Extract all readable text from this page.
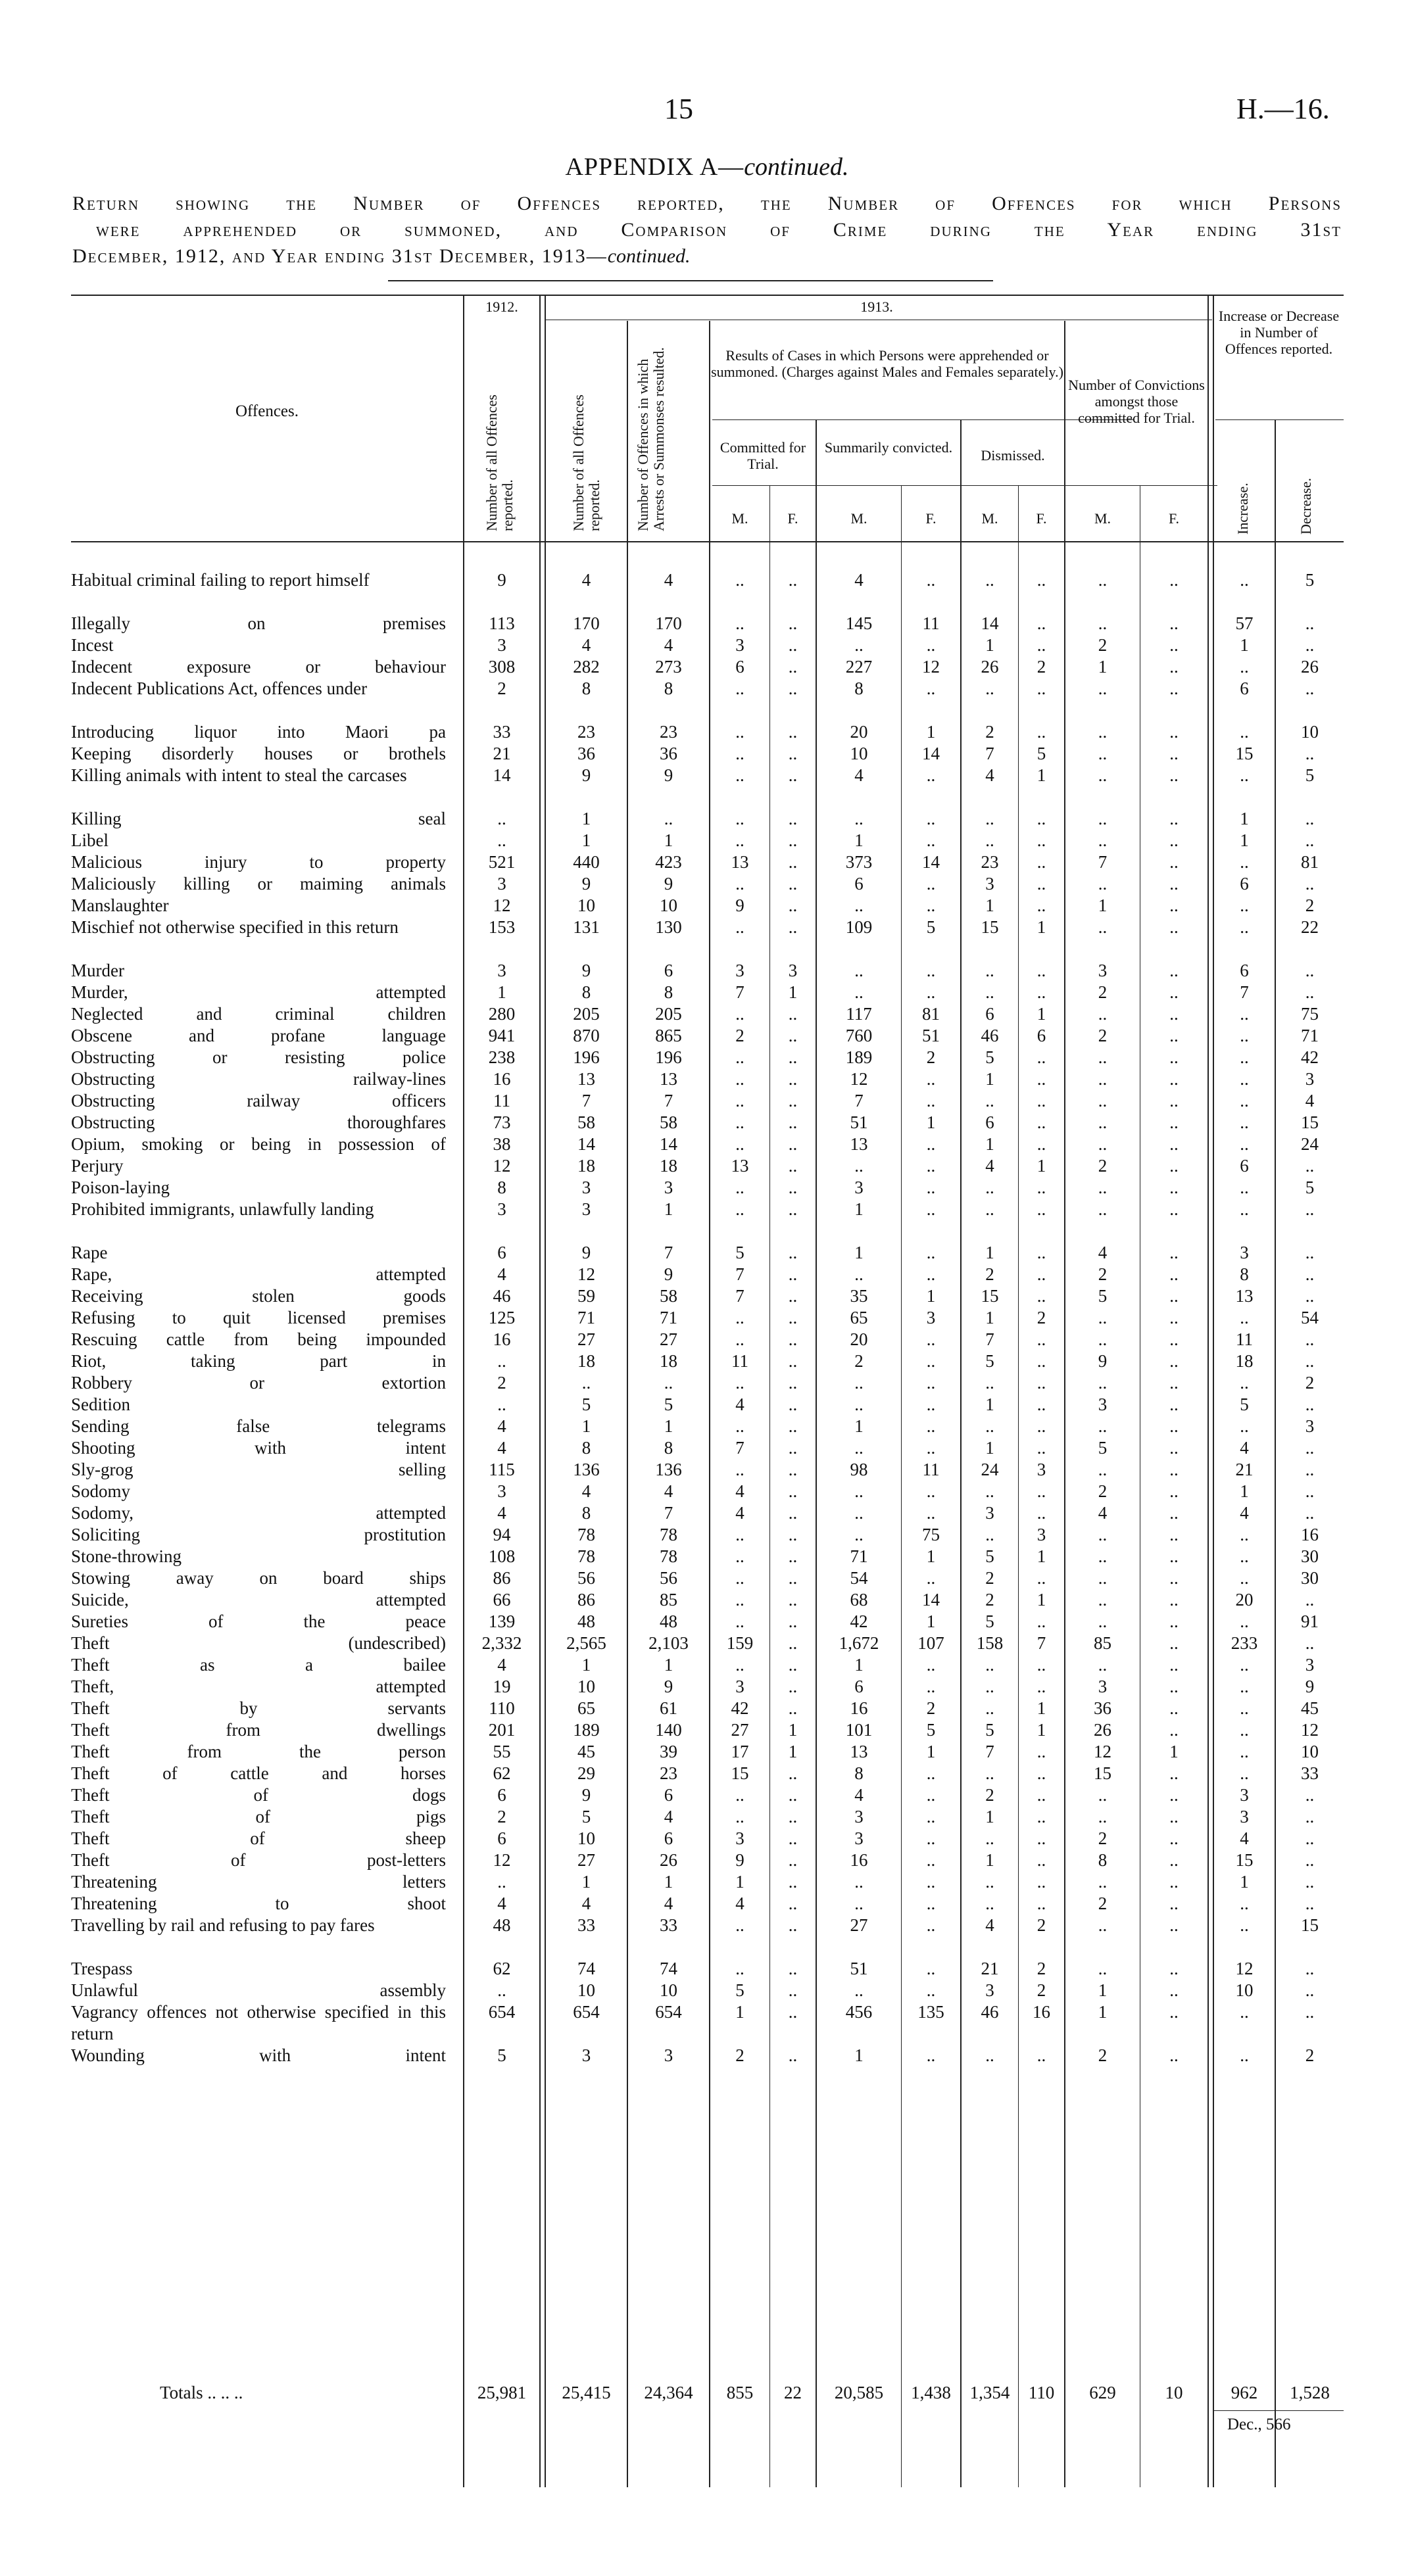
15	H.—16.
APPENDIX A—continued.
Return showing the Number of Offences reported, the Number of Offences for which Persons
were apprehended or summoned, and Comparison of Crime during the Year ending 31st
December, 1912, and Year ending 31st December, 1913—continued.
Offences.
1912.	1913.
Number of all Offences reported.	Number of all Offences reported. Number of Offences in which Arrests or Summonses resulted.	Results of Cases in which Persons were apprehended or summoned. (Charges against Males and Females separately.)
Committed for Trial.
Summarily convicted.	Dismissed.
Number of Convictions amongst those committed for Trial.
Increase or Decrease in Number of Offences reported.
Increase.	Decrease.
M.	F.	M.	F.	M.	F.	M.	F.
Habitual criminal failing to report himself	9	4	4	..	..	4	..	..	..	..	..	..	5
Illegally on premises	113	170	170	..	..	145	11	14	..	..	..	57	..
Incest	3	4	4	3	..	..	..	1	..	2	..	1	..
Indecent exposure or behaviour	308	282	273	6	..	227	12	26	2	1	..	..	26
Indecent Publications Act, offences under	2	8	8	..	..	8	..	..	..	..	..	6	..
Introducing liquor into Maori pa	33	23	23	..	..	20	1	2	..	..	..	..	10
Keeping disorderly houses or brothels	21	36	36	..	..	10	14	7	5	..	..	15	..
Killing animals with intent to steal the carcases	14	9	9	..	..	4	..	4	1	..	..	..	5
Killing seal	..	1	..	..	..	..	..	..	..	..	..	1	..
Libel	..	1	1	..	..	1	..	..	..	..	..	1	..
Malicious injury to property	521	440	423	13	..	373	14	23	..	7	..	..	81
Maliciously killing or maiming animals	3	9	9	..	..	6	..	3	..	..	..	6	..
Manslaughter	12	10	10	9	..	..	..	1	..	1	..	..	2
Mischief not otherwise specified in this return	153	131	130	..	..	109	5	15	1	..	..	..	22
Murder	3	9	6	3	3	..	..	..	..	3	..	6	..
Murder, attempted	1	8	8	7	1	..	..	..	..	2	..	7	..
Neglected and criminal children	280	205	205	..	..	117	81	6	1	..	..	..	75
Obscene and profane language	941	870	865	2	..	760	51	46	6	2	..	..	71
Obstructing or resisting police	238	196	196	..	..	189	2	5	..	..	..	..	42
Obstructing railway-lines	16	13	13	..	..	12	..	1	..	..	..	..	3
Obstructing railway officers	11	7	7	..	..	7	..	..	..	..	..	..	4
Obstructing thoroughfares	73	58	58	..	..	51	1	6	..	..	..	..	15
Opium, smoking or being in possession of	38	14	14	..	..	13	..	1	..	..	..	..	24
Perjury	12	18	18	13	..	..	..	4	1	2	..	6	..
Poison-laying	8	3	3	..	..	3	..	..	..	..	..	..	5
Prohibited immigrants, unlawfully landing	3	3	1	..	..	1	..	..	..	..	..	..	..
Rape	6	9	7	5	..	1	..	1	..	4	..	3	..
Rape, attempted	4	12	9	7	..	..	..	2	..	2	..	8	..
Receiving stolen goods	46	59	58	7	..	35	1	15	..	5	..	13	..
Refusing to quit licensed premises	125	71	71	..	..	65	3	1	2	..	..	..	54
Rescuing cattle from being impounded	16	27	27	..	..	20	..	7	..	..	..	11	..
Riot, taking part in	..	18	18	11	..	2	..	5	..	9	..	18	..
Robbery or extortion	2	..	..	..	..	..	..	..	..	..	..	..	2
Sedition	..	5	5	4	..	..	..	1	..	3	..	5	..
Sending false telegrams	4	1	1	..	..	1	..	..	..	..	..	..	3
Shooting with intent	4	8	8	7	..	..	..	1	..	5	..	4	..
Sly-grog selling	115	136	136	..	..	98	11	24	3	..	..	21	..
Sodomy	3	4	4	4	..	..	..	..	..	2	..	1	..
Sodomy, attempted	4	8	7	4	..	..	..	3	..	4	..	4	..
Soliciting prostitution	94	78	78	..	..	..	75	..	3	..	..	..	16
Stone-throwing	108	78	78	..	..	71	1	5	1	..	..	..	30
Stowing away on board ships	86	56	56	..	..	54	..	2	..	..	..	..	30
Suicide, attempted	66	86	85	..	..	68	14	2	1	..	..	20	..
Sureties of the peace	139	48	48	..	..	42	1	5	..	..	..	..	91
Theft (undescribed)	2,332	2,565	2,103	159	..	1,672	107	158	7	85	..	233	..
Theft as a bailee	4	1	1	..	..	1	..	..	..	..	..	..	3
Theft, attempted	19	10	9	3	..	6	..	..	..	3	..	..	9
Theft by servants	110	65	61	42	..	16	2	..	1	36	..	..	45
Theft from dwellings	201	189	140	27	1	101	5	5	1	26	..	..	12
Theft from the person	55	45	39	17	1	13	1	7	..	12	1	..	10
Theft of cattle and horses	62	29	23	15	..	8	..	..	..	15	..	..	33
Theft of dogs	6	9	6	..	..	4	..	2	..	..	..	3	..
Theft of pigs	2	5	4	..	..	3	..	1	..	..	..	3	..
Theft of sheep	6	10	6	3	..	3	..	..	..	2	..	4	..
Theft of post-letters	12	27	26	9	..	16	..	1	..	8	..	15	..
Threatening letters	..	1	1	1	..	..	..	..	..	..	..	1	..
Threatening to shoot	4	4	4	4	..	..	..	..	..	2	..	..	..
Travelling by rail and refusing to pay fares	48	33	33	..	..	27	..	4	2	..	..	..	15
Trespass	62	74	74	..	..	51	..	21	2	..	..	12	..
Unlawful assembly	..	10	10	5	..	..	..	3	2	1	..	10	..
Vagrancy offences not otherwise specified in this return
654	654	654	1	..	456	135	46	16	1	..	..	..
Wounding with intent	5	3	3	2	..	1	..	..	..	2	..	..	2
Totals .. .. ..	25,981	25,415	24,364	855	22	20,585	1,438	1,354	110	629	10	962	1,528
Dec., 566
